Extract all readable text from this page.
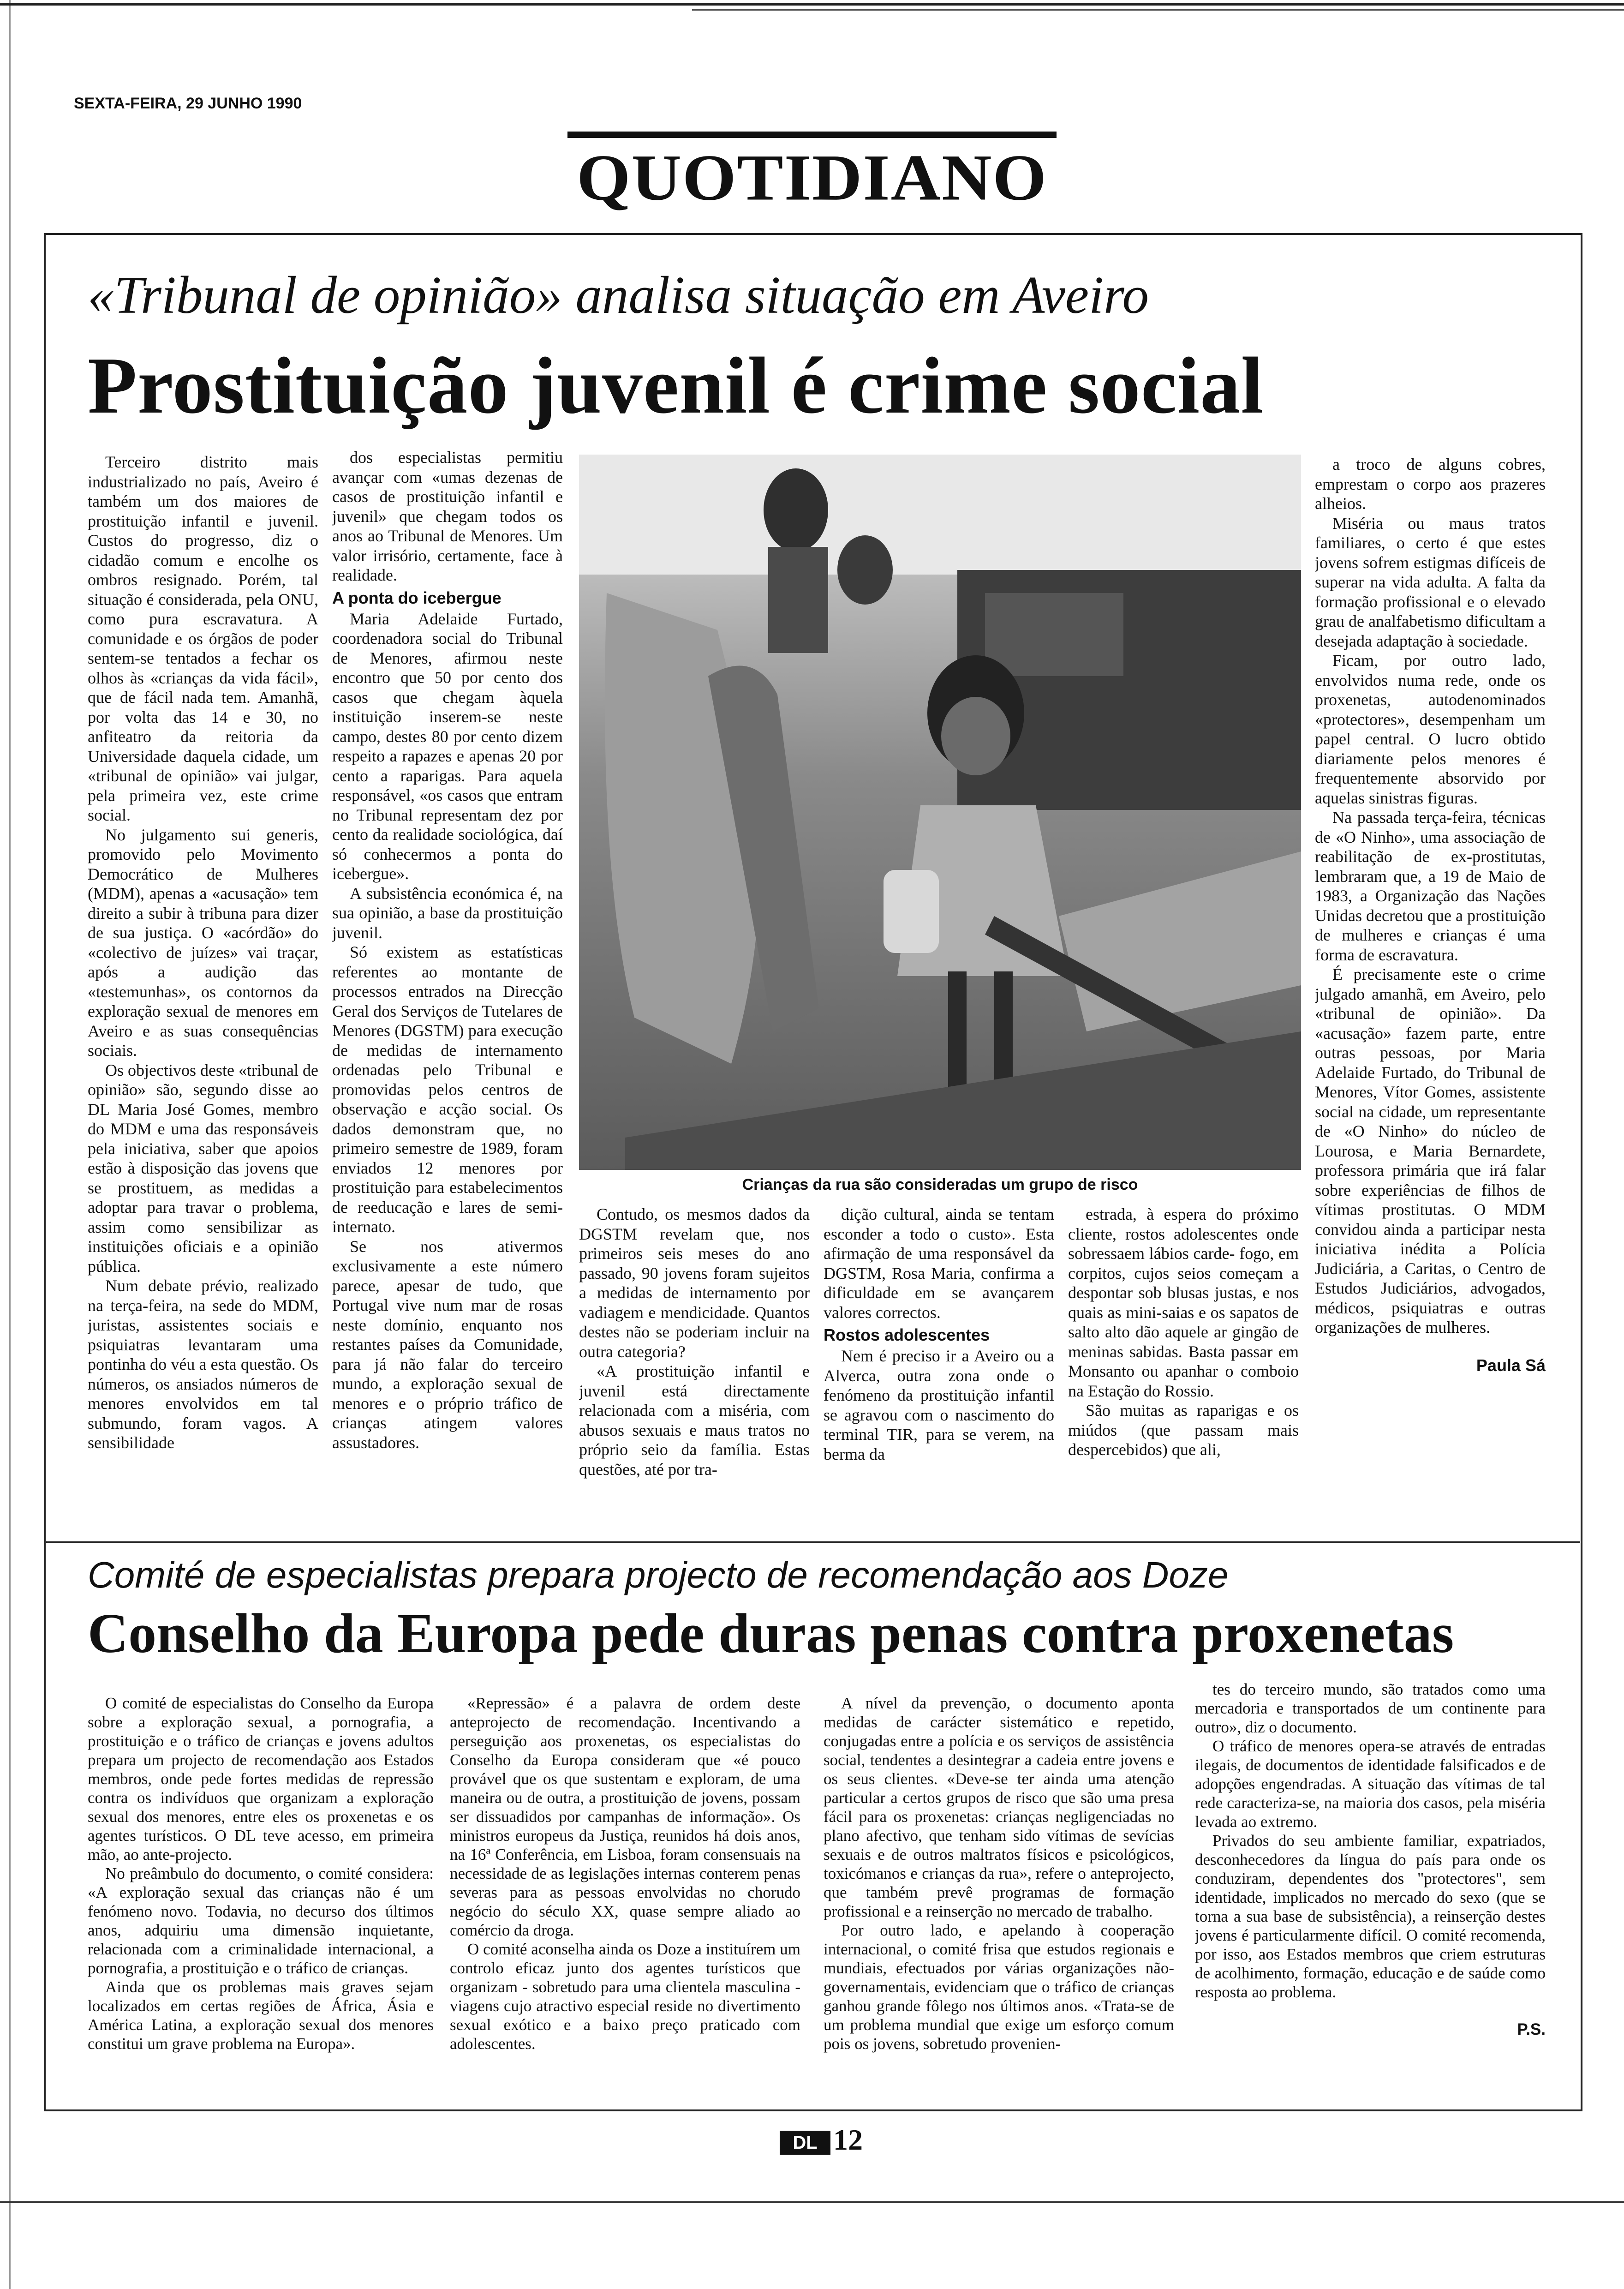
SEXTA-FEIRA, 29 JUNHO 1990
QUOTIDIANO
«Tribunal de opinião» analisa situação em Aveiro
Prostituição juvenil é crime social

Terceiro distrito mais industrializado no país, Aveiro é também um dos maiores de prostituição infantil e juvenil. Custos do progresso, diz o cidadão comum e encolhe os ombros resignado. Porém, tal situação é considerada, pela ONU, como pura escravatura. A comunidade e os órgãos de poder sentem-se tentados a fechar os olhos às «crianças da vida fácil», que de fácil nada tem. Amanhã, por volta das 14 e 30, no anfiteatro da reitoria da Universidade daquela cidade, um «tribunal de opinião» vai julgar, pela primeira vez, este crime social.

No julgamento sui generis, promovido pelo Movimento Democrático de Mulheres (MDM), apenas a «acusação» tem direito a subir à tribuna para dizer de sua justiça. O «acórdão» do «colectivo de juízes» vai traçar, após a audição das «testemunhas», os contornos da exploração sexual de menores em Aveiro e as suas consequências sociais.

Os objectivos deste «tribunal de opinião» são, segundo disse ao DL Maria José Gomes, membro do MDM e uma das responsáveis pela iniciativa, saber que apoios estão à disposição das jovens que se prostituem, as medidas a adoptar para travar o problema, assim como sensibilizar as instituições oficiais e a opinião pública.

Num debate prévio, realizado na terça-feira, na sede do MDM, juristas, assistentes sociais e psiquiatras levantaram uma pontinha do véu a esta questão. Os números, os ansiados números de menores envolvidos em tal submundo, foram vagos. A sensibilidade

dos especialistas permitiu avançar com «umas dezenas de casos de prostituição infantil e juvenil» que chegam todos os anos ao Tribunal de Menores. Um valor irrisório, certamente, face à realidade.

A ponta do icebergue

Maria Adelaide Furtado, coordenadora social do Tribunal de Menores, afirmou neste encontro que 50 por cento dos casos que chegam àquela instituição inserem-se neste campo, destes 80 por cento dizem respeito a rapazes e apenas 20 por cento a raparigas. Para aquela responsável, «os casos que entram no Tribunal representam dez por cento da realidade sociológica, daí só conhecermos a ponta do icebergue».

A subsistência económica é, na sua opinião, a base da prostituição juvenil.

Só existem as estatísticas referentes ao montante de processos entrados na Direcção Geral dos Serviços de Tutelares de Menores (DGSTM) para execução de medidas de internamento ordenadas pelo Tribunal e promovidas pelos centros de observação e acção social. Os dados demonstram que, no primeiro semestre de 1989, foram enviados 12 menores por prostituição para estabelecimentos de reeducação e lares de semi-internato.

Se nos ativermos exclusivamente a este número parece, apesar de tudo, que Portugal vive num mar de rosas neste domínio, enquanto nos restantes países da Comunidade, para já não falar do terceiro mundo, a exploração sexual de menores e o próprio tráfico de crianças atingem valores assustadores.

Crianças da rua são consideradas um grupo de risco

Contudo, os mesmos dados da DGSTM revelam que, nos primeiros seis meses do ano passado, 90 jovens foram sujeitos a medidas de internamento por vadiagem e mendicidade. Quantos destes não se poderiam incluir na outra categoria?

«A prostituição infantil e juvenil está directamente relacionada com a miséria, com abusos sexuais e maus tratos no próprio seio da família. Estas questões, até por tra-

dição cultural, ainda se tentam esconder a todo o custo». Esta afirmação de uma responsável da DGSTM, Rosa Maria, confirma a dificuldade em se avançarem valores correctos.

Rostos adolescentes

Nem é preciso ir a Aveiro ou a Alverca, outra zona onde o fenómeno da prostituição infantil se agravou com o nascimento do terminal TIR, para se verem, na berma da

estrada, à espera do próximo cliente, rostos adolescentes onde sobressaem lábios carde- fogo, em corpitos, cujos seios começam a despontar sob blusas justas, e nos quais as mini-saias e os sapatos de salto alto dão aquele ar gingão de meninas sabidas. Basta passar em Monsanto ou apanhar o comboio na Estação do Rossio.

São muitas as raparigas e os miúdos (que passam mais despercebidos) que ali,

a troco de alguns cobres, emprestam o corpo aos prazeres alheios.

Miséria ou maus tratos familiares, o certo é que estes jovens sofrem estigmas difíceis de superar na vida adulta. A falta da formação profissional e o elevado grau de analfabetismo dificultam a desejada adaptação à sociedade.

Ficam, por outro lado, envolvidos numa rede, onde os proxenetas, autodenominados «protectores», desempenham um papel central. O lucro obtido diariamente pelos menores é frequentemente absorvido por aquelas sinistras figuras.

Na passada terça-feira, técnicas de «O Ninho», uma associação de reabilitação de ex-prostitutas, lembraram que, a 19 de Maio de 1983, a Organização das Nações Unidas decretou que a prostituição de mulheres e crianças é uma forma de escravatura.

É precisamente este o crime julgado amanhã, em Aveiro, pelo «tribunal de opinião». Da «acusação» fazem parte, entre outras pessoas, por Maria Adelaide Furtado, do Tribunal de Menores, Vítor Gomes, assistente social na cidade, um representante de «O Ninho» do núcleo de Lourosa, e Maria Bernardete, professora primária que irá falar sobre experiências de filhos de vítimas prostitutas. O MDM convidou ainda a participar nesta iniciativa inédita a Polícia Judiciária, a Caritas, o Centro de Estudos Judiciários, advogados, médicos, psiquiatras e outras organizações de mulheres.

Paula Sá

Comité de especialistas prepara projecto de recomendação aos Doze
Conselho da Europa pede duras penas contra proxenetas

O comité de especialistas do Conselho da Europa sobre a exploração sexual, a pornografia, a prostituição e o tráfico de crianças e jovens adultos prepara um projecto de recomendação aos Estados membros, onde pede fortes medidas de repressão contra os indivíduos que organizam a exploração sexual dos menores, entre eles os proxenetas e os agentes turísticos. O DL teve acesso, em primeira mão, ao ante-projecto.

No preâmbulo do documento, o comité considera: «A exploração sexual das crianças não é um fenómeno novo. Todavia, no decurso dos últimos anos, adquiriu uma dimensão inquietante, relacionada com a criminalidade internacional, a pornografia, a prostituição e o tráfico de crianças.

Ainda que os problemas mais graves sejam localizados em certas regiões de África, Ásia e América Latina, a exploração sexual dos menores constitui um grave problema na Europa».

«Repressão» é a palavra de ordem deste anteprojecto de recomendação. Incentivando a perseguição aos proxenetas, os especialistas do Conselho da Europa consideram que «é pouco provável que os que sustentam e exploram, de uma maneira ou de outra, a prostituição de jovens, possam ser dissuadidos por campanhas de informação». Os ministros europeus da Justiça, reunidos há dois anos, na 16ª Conferência, em Lisboa, foram consensuais na necessidade de as legislações internas conterem penas severas para as pessoas envolvidas no chorudo negócio do século XX, quase sempre aliado ao comércio da droga.

O comité aconselha ainda os Doze a instituírem um controlo eficaz junto dos agentes turísticos que organizam - sobretudo para uma clientela masculina - viagens cujo atractivo especial reside no divertimento sexual exótico e a baixo preço praticado com adolescentes.

A nível da prevenção, o documento aponta medidas de carácter sistemático e repetido, conjugadas entre a polícia e os serviços de assistência social, tendentes a desintegrar a cadeia entre jovens e os seus clientes. «Deve-se ter ainda uma atenção particular a certos grupos de risco que são uma presa fácil para os proxenetas: crianças negligenciadas no plano afectivo, que tenham sido vítimas de sevícias sexuais e de outros maltratos físicos e psicológicos, toxicómanos e crianças da rua», refere o anteprojecto, que também prevê programas de formação profissional e a reinserção no mercado de trabalho.

Por outro lado, e apelando à cooperação internacional, o comité frisa que estudos regionais e mundiais, efectuados por várias organizações não-governamentais, evidenciam que o tráfico de crianças ganhou grande fôlego nos últimos anos. «Trata-se de um problema mundial que exige um esforço comum pois os jovens, sobretudo provenien-

tes do terceiro mundo, são tratados como uma mercadoria e transportados de um continente para outro», diz o documento.

O tráfico de menores opera-se através de entradas ilegais, de documentos de identidade falsificados e de adopções engendradas. A situação das vítimas de tal rede caracteriza-se, na maioria dos casos, pela miséria levada ao extremo.

Privados do seu ambiente familiar, expatriados, desconhecedores da língua do país para onde os conduziram, dependentes dos "protectores", sem identidade, implicados no mercado do sexo (que se torna a sua base de subsistência), a reinserção destes jovens é particularmente difícil. O comité recomenda, por isso, aos Estados membros que criem estruturas de acolhimento, formação, educação e de saúde como resposta ao problema.

P.S.

DL 12
